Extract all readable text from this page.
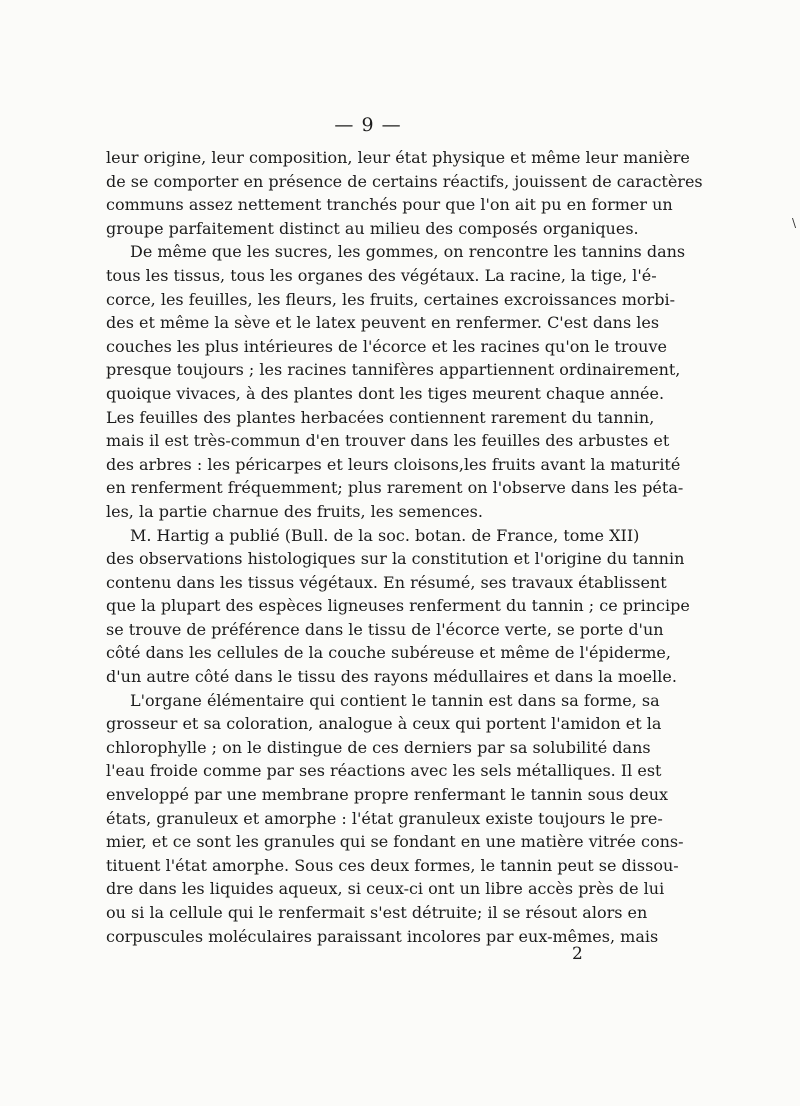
— 9 —
\
leur origine, leur composition, leur état physique et même leur manière
de se comporter en présence de certains réactifs, jouissent de caractères
communs assez nettement tranchés pour que l'on ait pu en former un
groupe parfaitement distinct au milieu des composés organiques.
De même que les sucres, les gommes, on rencontre les tannins dans
tous les tissus, tous les organes des végétaux. La racine, la tige, l'é-
corce, les feuilles, les fleurs, les fruits, certaines excroissances morbi-
des et même la sève et le latex peuvent en renfermer. C'est dans les
couches les plus intérieures de l'écorce et les racines qu'on le trouve
presque toujours ; les racines tannifères appartiennent ordinairement,
quoique vivaces, à des plantes dont les tiges meurent chaque année.
Les feuilles des plantes herbacées contiennent rarement du tannin,
mais il est très-commun d'en trouver dans les feuilles des arbustes et
des arbres : les péricarpes et leurs cloisons,les fruits avant la maturité
en renferment fréquemment; plus rarement on l'observe dans les péta-
les, la partie charnue des fruits, les semences.
M. Hartig a publié (Bull. de la soc. botan. de France, tome XII)
des observations histologiques sur la constitution et l'origine du tannin
contenu dans les tissus végétaux. En résumé, ses travaux établissent
que la plupart des espèces ligneuses renferment du tannin ; ce principe
se trouve de préférence dans le tissu de l'écorce verte, se porte d'un
côté dans les cellules de la couche subéreuse et même de l'épiderme,
d'un autre côté dans le tissu des rayons médullaires et dans la moelle.
L'organe élémentaire qui contient le tannin est dans sa forme, sa
grosseur et sa coloration, analogue à ceux qui portent l'amidon et la
chlorophylle ; on le distingue de ces derniers par sa solubilité dans
l'eau froide comme par ses réactions avec les sels métalliques. Il est
enveloppé par une membrane propre renfermant le tannin sous deux
états, granuleux et amorphe : l'état granuleux existe toujours le pre-
mier, et ce sont les granules qui se fondant en une matière vitrée cons-
tituent l'état amorphe. Sous ces deux formes, le tannin peut se dissou-
dre dans les liquides aqueux, si ceux-ci ont un libre accès près de lui
ou si la cellule qui le renfermait s'est détruite; il se résout alors en
corpuscules moléculaires paraissant incolores par eux-mêmes, mais
2
